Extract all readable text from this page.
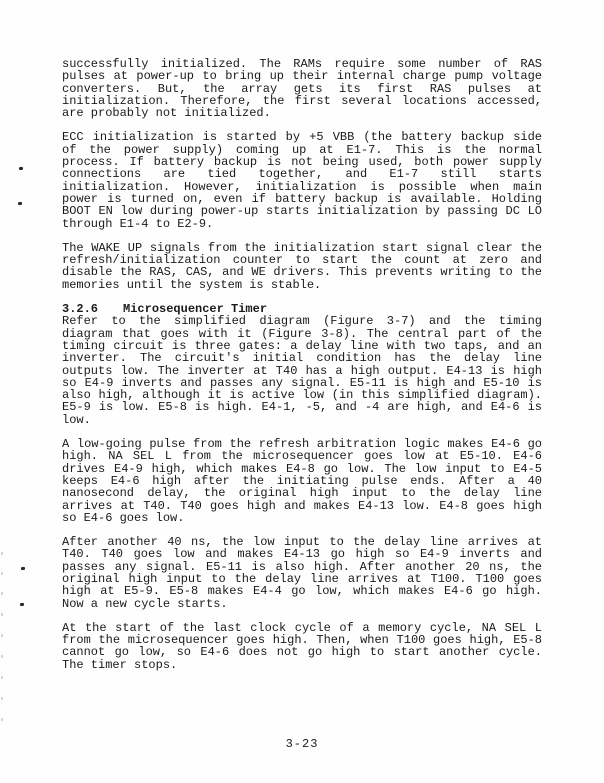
successfully initialized. The RAMs require some number of RAS
pulses at power-up to bring up their internal charge pump voltage
converters. But, the array gets its first RAS pulses at
initialization. Therefore, the first several locations accessed,
are probably not initialized.
ECC initialization is started by +5 VBB (the battery backup side
of the power supply) coming up at E1-7. This is the normal
process. If battery backup is not being used, both power supply
connections are tied together, and E1-7 still starts
initialization. However, initialization is possible when main
power is turned on, even if battery backup is available. Holding
BOOT EN low during power-up starts initialization by passing DC LO
through E1-4 to E2-9.
The WAKE UP signals from the initialization start signal clear the
refresh/initialization counter to start the count at zero and
disable the RAS, CAS, and WE drivers. This prevents writing to the
memories until the system is stable.
3.2.6 Microsequencer Timer
Refer to the simplified diagram (Figure 3-7) and the timing
diagram that goes with it (Figure 3-8). The central part of the
timing circuit is three gates: a delay line with two taps, and an
inverter. The circuit's initial condition has the delay line
outputs low. The inverter at T40 has a high output. E4-13 is high
so E4-9 inverts and passes any signal. E5-11 is high and E5-10 is
also high, although it is active low (in this simplified diagram).
E5-9 is low. E5-8 is high. E4-1, -5, and -4 are high, and E4-6 is
low.
A low-going pulse from the refresh arbitration logic makes E4-6 go
high. NA SEL L from the microsequencer goes low at E5-10. E4-6
drives E4-9 high, which makes E4-8 go low. The low input to E4-5
keeps E4-6 high after the initiating pulse ends. After a 40
nanosecond delay, the original high input to the delay line
arrives at T40. T40 goes high and makes E4-13 low. E4-8 goes high
so E4-6 goes low.
After another 40 ns, the low input to the delay line arrives at
T40. T40 goes low and makes E4-13 go high so E4-9 inverts and
passes any signal. E5-11 is also high. After another 20 ns, the
original high input to the delay line arrives at T100. T100 goes
high at E5-9. E5-8 makes E4-4 go low, which makes E4-6 go high.
Now a new cycle starts.
At the start of the last clock cycle of a memory cycle, NA SEL L
from the microsequencer goes high. Then, when T100 goes high, E5-8
cannot go low, so E4-6 does not go high to start another cycle.
The timer stops.
3-23
